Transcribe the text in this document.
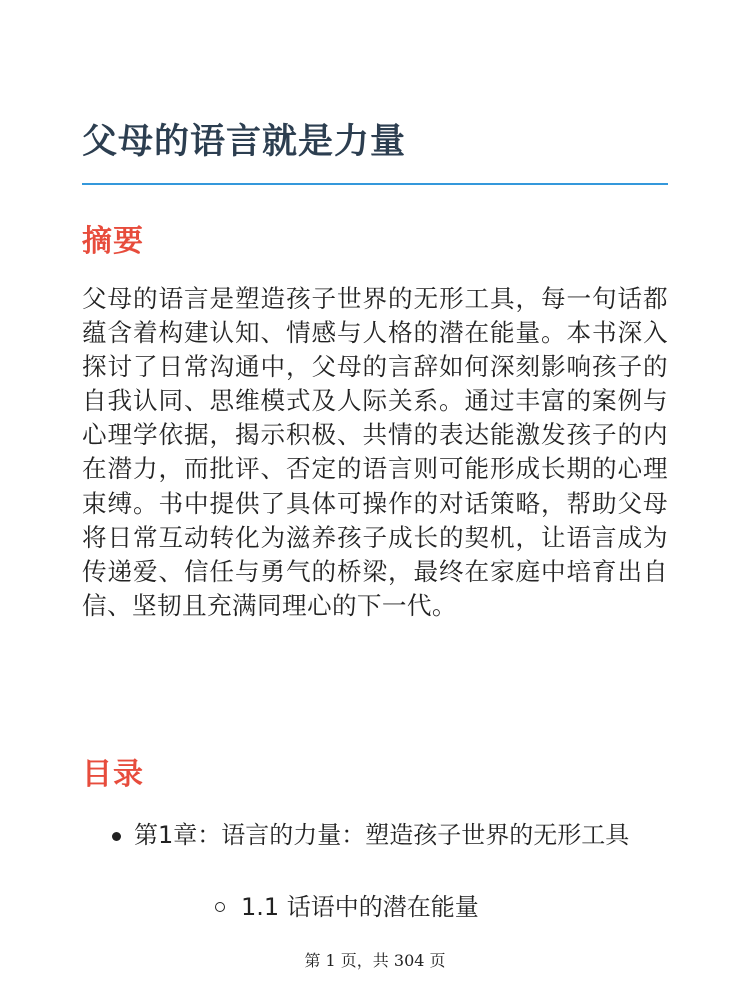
父母的语言就是力量
摘要

父母的语言是塑造孩子世界的无形工具，每一句话都蕴含着构建认知、情感与人格的潜在能量。本书深入探讨了日常沟通中，父母的言辞如何深刻影响孩子的自我认同、思维模式及人际关系。通过丰富的案例与心理学依据，揭示积极、共情的表达能激发孩子的内在潜力，而批评、否定的语言则可能形成长期的心理束缚。书中提供了具体可操作的对话策略，帮助父母将日常互动转化为滋养孩子成长的契机，让语言成为传递爱、信任与勇气的桥梁，最终在家庭中培育出自信、坚韧且充满同理心的下一代。

目录
第1章：语言的力量：塑造孩子世界的无形工具
1.1 话语中的潜在能量
第 1 页，共 304 页
